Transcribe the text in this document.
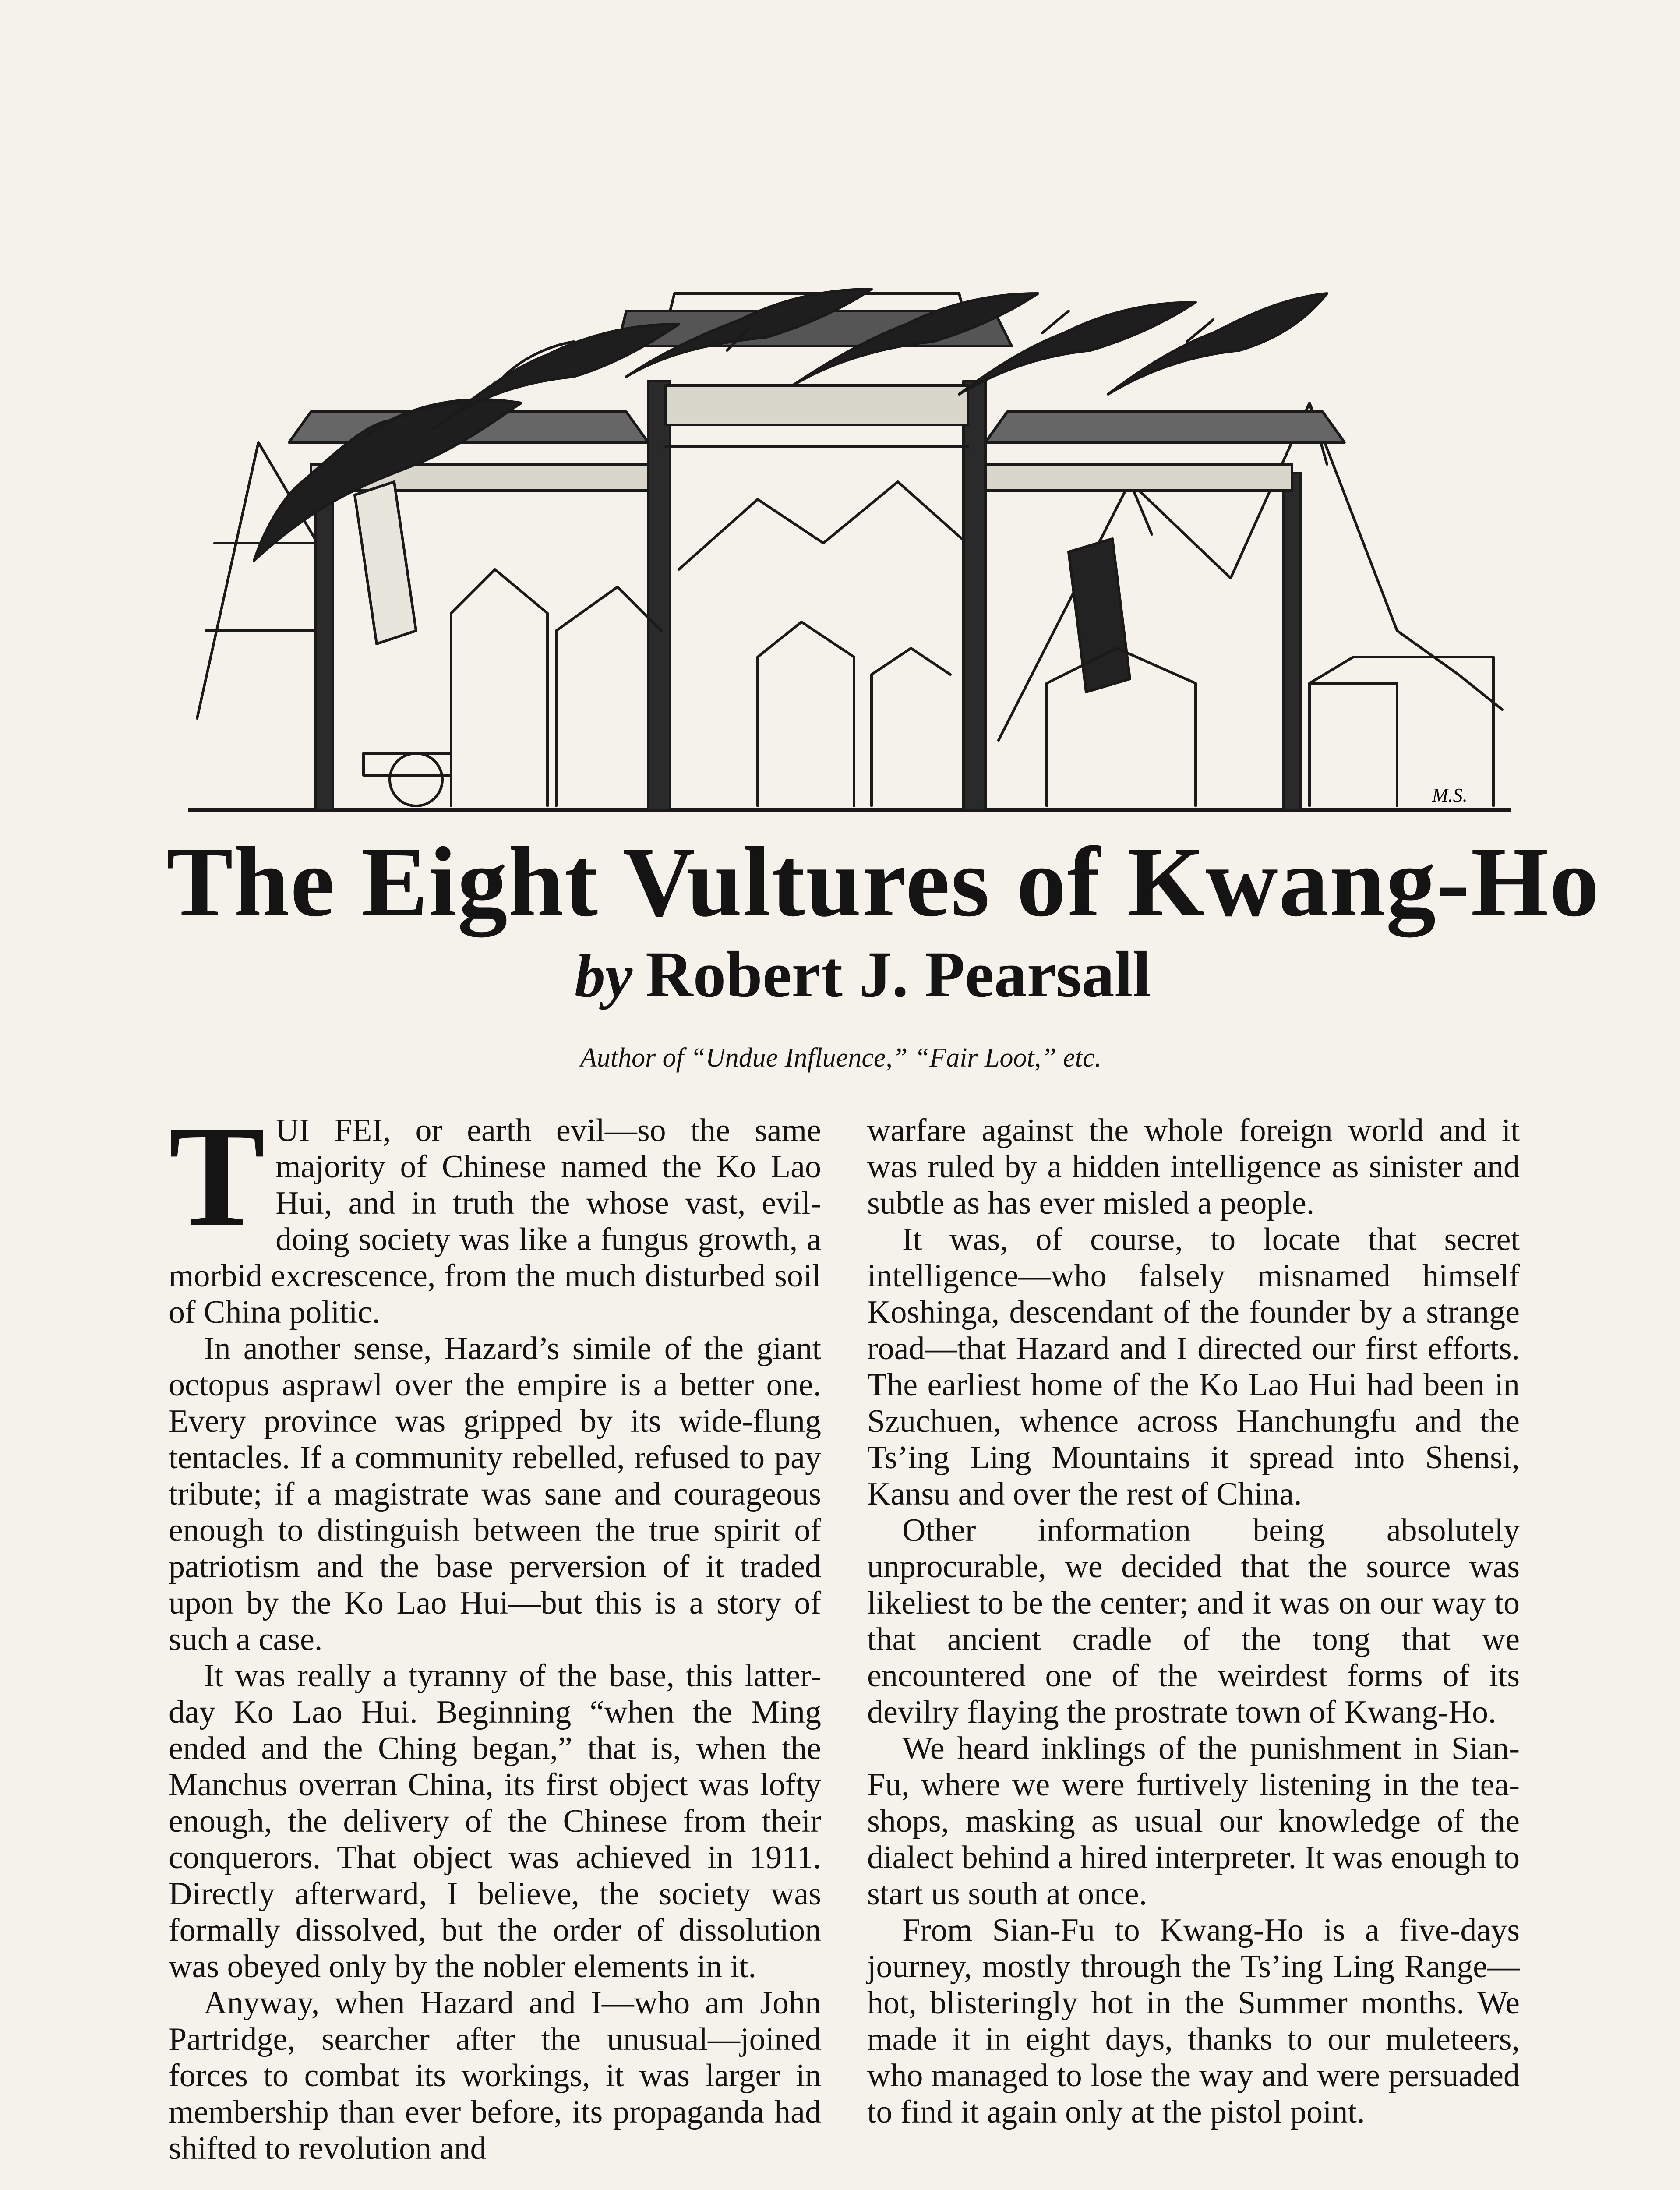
M.S.
The Eight Vultures of Kwang-Ho
by Robert J. Pearsall
Author of “Undue Influence,” “Fair Loot,” etc.

TUI FEI, or earth evil—so the same majority of Chinese named the Ko Lao Hui, and in truth the whose vast, evil-doing society was like a fungus growth, a morbid excrescence, from the much disturbed soil of China politic.

In another sense, Hazard’s simile of the giant octopus asprawl over the empire is a better one. Every province was gripped by its wide-flung tentacles. If a community rebelled, refused to pay tribute; if a magistrate was sane and courageous enough to distinguish between the true spirit of patriotism and the base perversion of it traded upon by the Ko Lao Hui—but this is a story of such a case.

It was really a tyranny of the base, this latter-day Ko Lao Hui. Beginning “when the Ming ended and the Ching began,” that is, when the Manchus overran China, its first object was lofty enough, the delivery of the Chinese from their conquerors. That object was achieved in 1911. Directly afterward, I believe, the society was formally dissolved, but the order of dissolution was obeyed only by the nobler elements in it.

Anyway, when Hazard and I—who am John Partridge, searcher after the unusual—joined forces to combat its workings, it was larger in membership than ever before, its propaganda had shifted to revolution and

warfare against the whole foreign world and it was ruled by a hidden intelligence as sinister and subtle as has ever misled a people.

It was, of course, to locate that secret intelligence—who falsely misnamed himself Koshinga, descendant of the founder by a strange road—that Hazard and I directed our first efforts. The earliest home of the Ko Lao Hui had been in Szuchuen, whence across Hanchungfu and the Ts’ing Ling Mountains it spread into Shensi, Kansu and over the rest of China.

Other information being absolutely unprocurable, we decided that the source was likeliest to be the center; and it was on our way to that ancient cradle of the tong that we encountered one of the weirdest forms of its devilry flaying the prostrate town of Kwang-Ho.

We heard inklings of the punishment in Sian-Fu, where we were furtively listening in the tea-shops, masking as usual our knowledge of the dialect behind a hired interpreter. It was enough to start us south at once.

From Sian-Fu to Kwang-Ho is a five-days journey, mostly through the Ts’ing Ling Range—hot, blisteringly hot in the Summer months. We made it in eight days, thanks to our muleteers, who managed to lose the way and were persuaded to find it again only at the pistol point.
